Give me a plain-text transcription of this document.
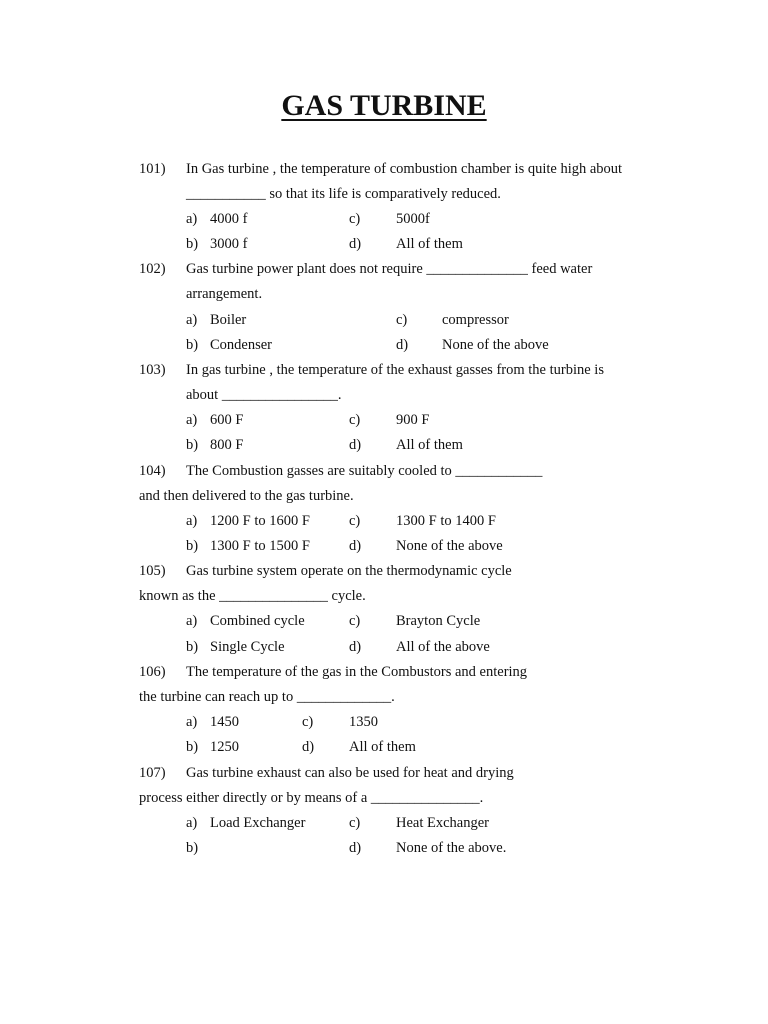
GAS TURBINE
101) In Gas turbine , the temperature of combustion chamber is quite high about
___________ so that its life is comparatively reduced.
a) 4000 f	c) 5000f
b) 3000 f	d) All of them
102) Gas turbine power plant does not require ______________ feed water
arrangement.
a) Boiler	c) compressor
b) Condenser	d) None of the above
103) In gas turbine , the temperature of the exhaust gasses from the turbine is
about ________________.
a) 600 F	c) 900 F
b) 800 F	d) All of them
104) The Combustion gasses are suitably cooled to ____________
and then delivered to the gas turbine.
a) 1200 F to 1600 F	c) 1300 F to 1400 F
b) 1300 F to 1500 F	d) None of the above
105) Gas turbine system operate on the thermodynamic cycle
known as the _______________ cycle.
a) Combined cycle	c) Brayton Cycle
b) Single Cycle	d) All of the above
106) The temperature of the gas in the Combustors and entering
the turbine can reach up to _____________.
a) 1450	c) 1350
b) 1250	d) All of them
107) Gas turbine exhaust can also be used for heat and drying
process either directly or by means of a _______________.
a) Load Exchanger	c) Heat Exchanger
b)	d) None of the above.
